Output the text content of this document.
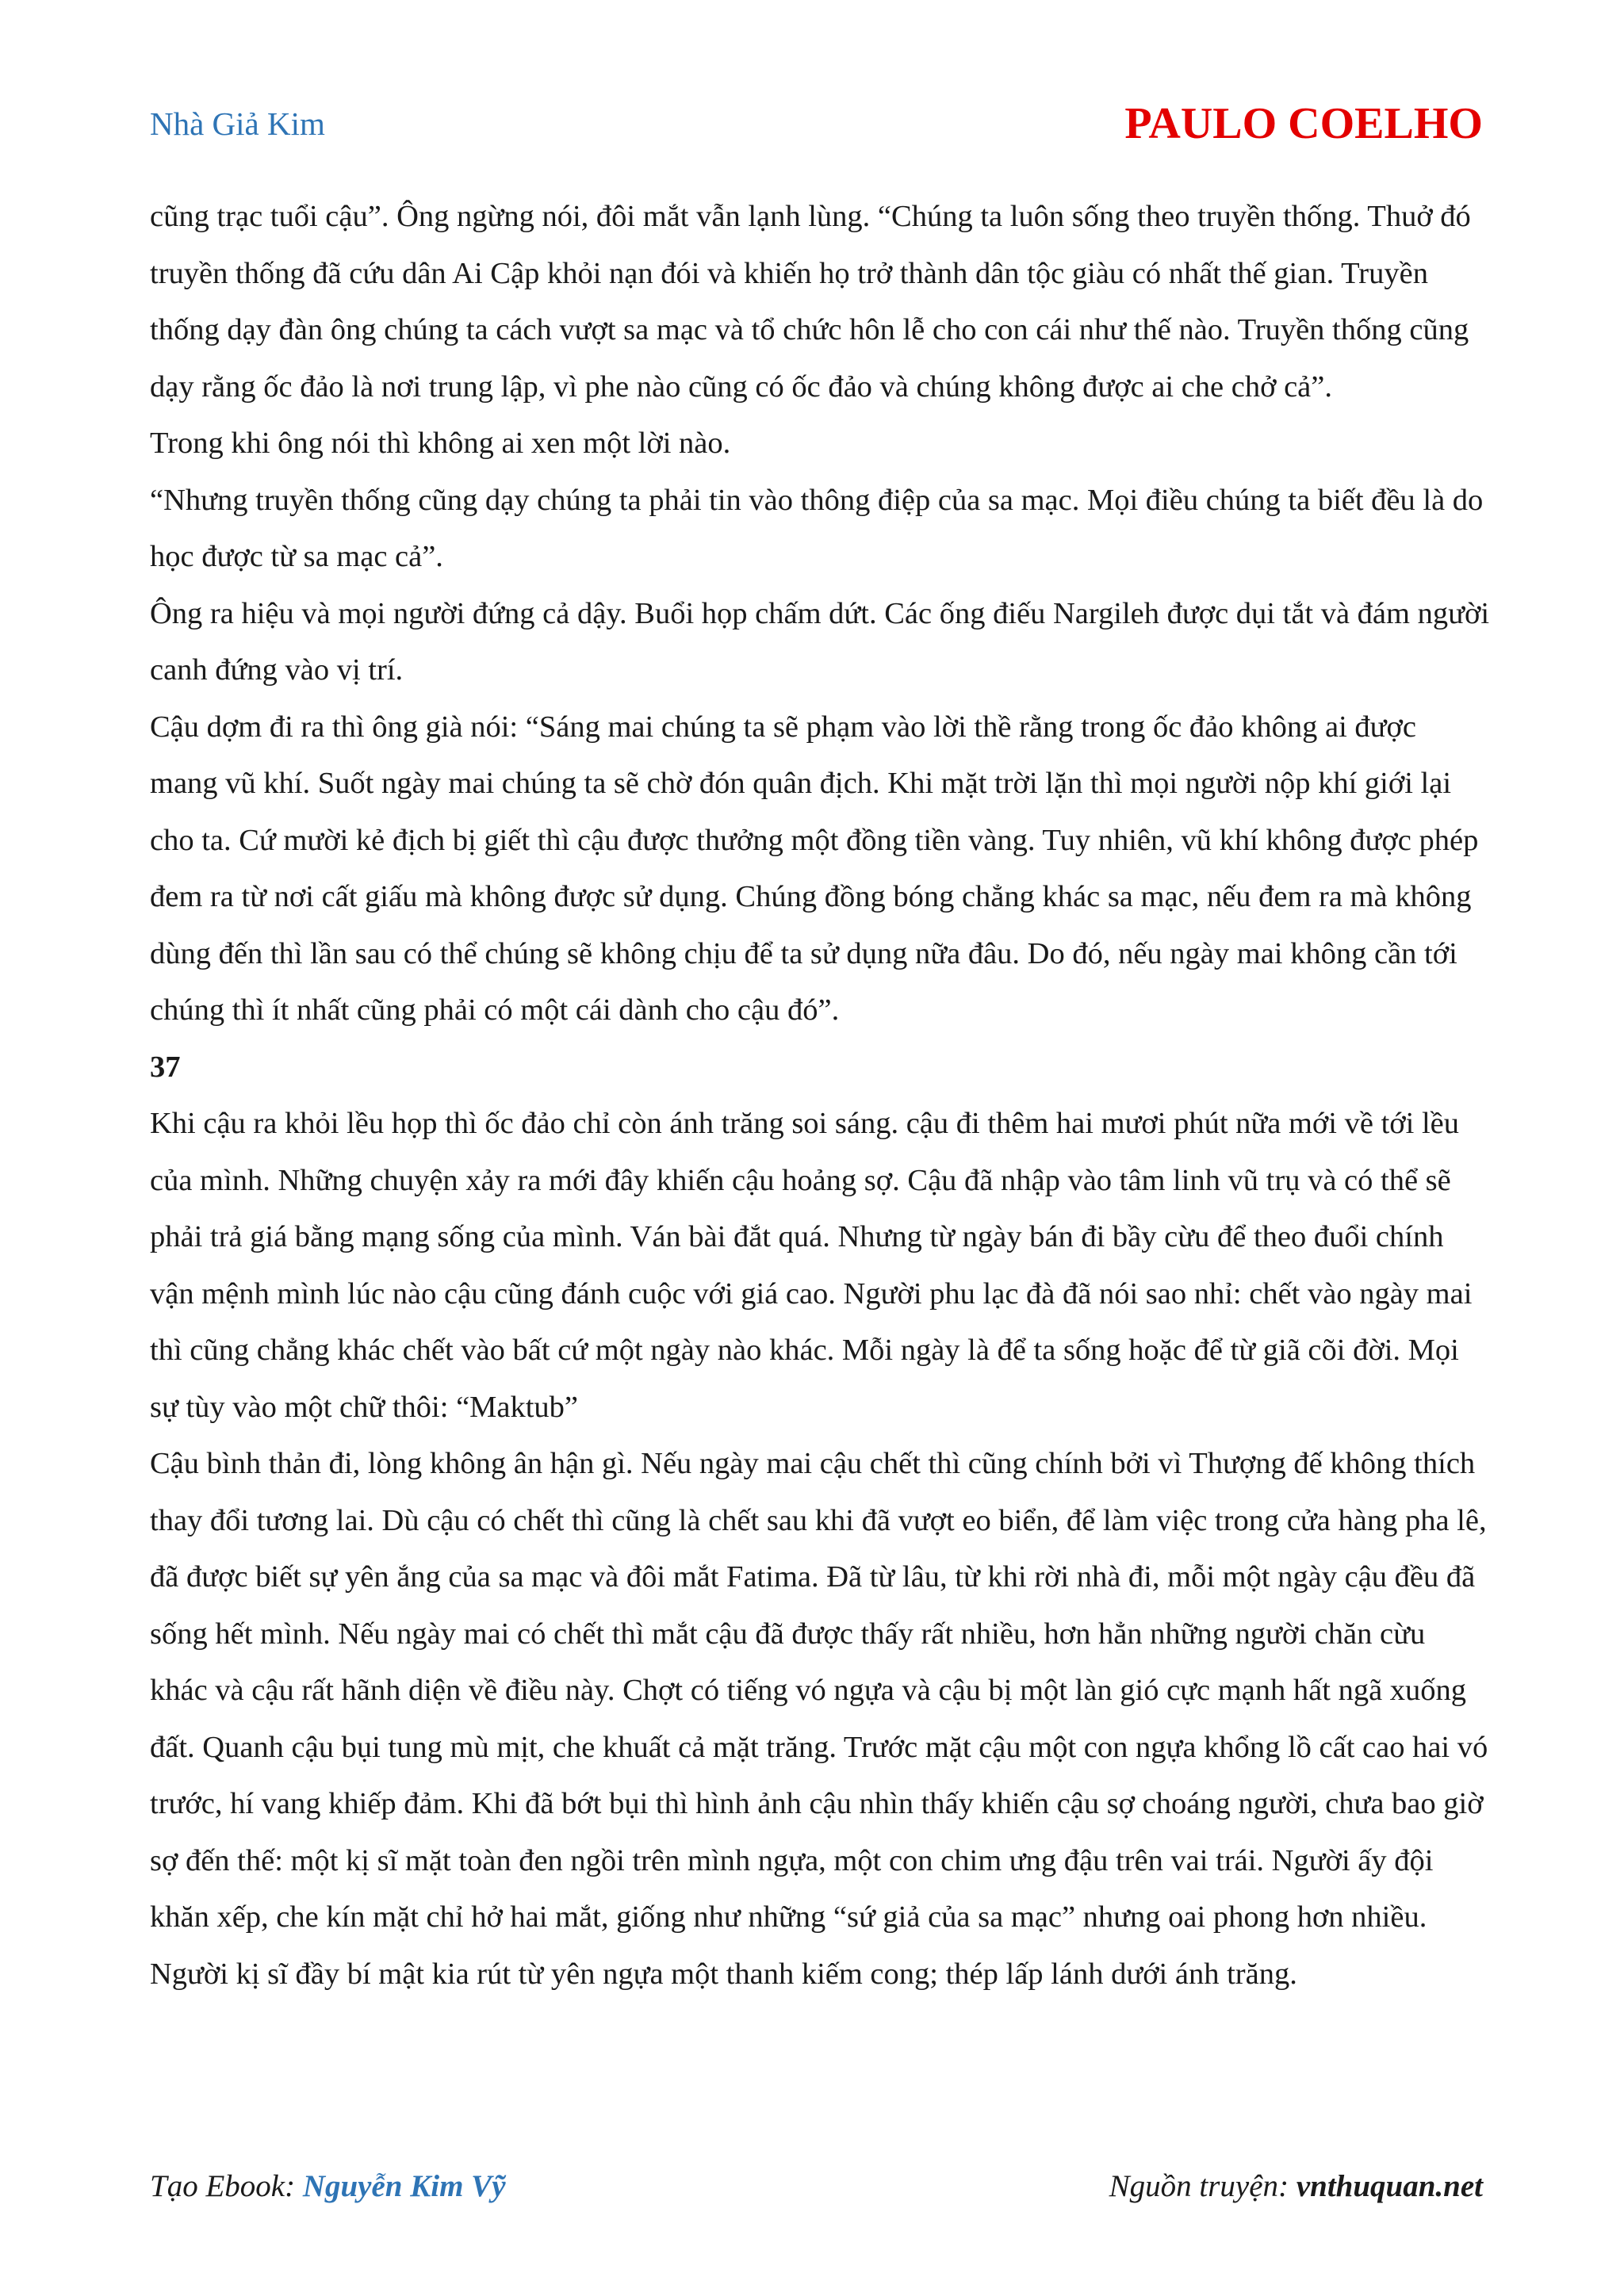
Nhà Giả Kim	PAULO COELHO

cũng trạc tuổi cậu”. Ông ngừng nói, đôi mắt vẫn lạnh lùng. “Chúng ta luôn sống theo truyền thống. Thuở đó truyền thống đã cứu dân Ai Cập khỏi nạn đói và khiến họ trở thành dân tộc giàu có nhất thế gian. Truyền thống dạy đàn ông chúng ta cách vượt sa mạc và tổ chức hôn lễ cho con cái như thế nào. Truyền thống cũng dạy rằng ốc đảo là nơi trung lập, vì phe nào cũng có ốc đảo và chúng không được ai che chở cả”.

Trong khi ông nói thì không ai xen một lời nào.

“Nhưng truyền thống cũng dạy chúng ta phải tin vào thông điệp của sa mạc. Mọi điều chúng ta biết đều là do học được từ sa mạc cả”.

Ông ra hiệu và mọi người đứng cả dậy. Buổi họp chấm dứt. Các ống điếu Nargileh được dụi tắt và đám người canh đứng vào vị trí.

Cậu dợm đi ra thì ông già nói: “Sáng mai chúng ta sẽ phạm vào lời thề rằng trong ốc đảo không ai được mang vũ khí. Suốt ngày mai chúng ta sẽ chờ đón quân địch. Khi mặt trời lặn thì mọi người nộp khí giới lại cho ta. Cứ mười kẻ địch bị giết thì cậu được thưởng một đồng tiền vàng. Tuy nhiên, vũ khí không được phép đem ra từ nơi cất giấu mà không được sử dụng. Chúng đồng bóng chẳng khác sa mạc, nếu đem ra mà không dùng đến thì lần sau có thể chúng sẽ không chịu để ta sử dụng nữa đâu. Do đó, nếu ngày mai không cần tới chúng thì ít nhất cũng phải có một cái dành cho cậu đó”.

37

Khi cậu ra khỏi lều họp thì ốc đảo chỉ còn ánh trăng soi sáng. cậu đi thêm hai mươi phút nữa mới về tới lều của mình. Những chuyện xảy ra mới đây khiến cậu hoảng sợ. Cậu đã nhập vào tâm linh vũ trụ và có thể sẽ phải trả giá bằng mạng sống của mình. Ván bài đắt quá. Nhưng từ ngày bán đi bầy cừu để theo đuổi chính vận mệnh mình lúc nào cậu cũng đánh cuộc với giá cao. Người phu lạc đà đã nói sao nhỉ: chết vào ngày mai thì cũng chẳng khác chết vào bất cứ một ngày nào khác. Mỗi ngày là để ta sống hoặc để từ giã cõi đời. Mọi sự tùy vào một chữ thôi: “Maktub”

Cậu bình thản đi, lòng không ân hận gì. Nếu ngày mai cậu chết thì cũng chính bởi vì Thượng đế không thích thay đổi tương lai. Dù cậu có chết thì cũng là chết sau khi đã vượt eo biển, để làm việc trong cửa hàng pha lê, đã được biết sự yên ắng của sa mạc và đôi mắt Fatima. Đã từ lâu, từ khi rời nhà đi, mỗi một ngày cậu đều đã sống hết mình. Nếu ngày mai có chết thì mắt cậu đã được thấy rất nhiều, hơn hẳn những người chăn cừu khác và cậu rất hãnh diện về điều này. Chợt có tiếng vó ngựa và cậu bị một làn gió cực mạnh hất ngã xuống đất. Quanh cậu bụi tung mù mịt, che khuất cả mặt trăng. Trước mặt cậu một con ngựa khổng lồ cất cao hai vó trước, hí vang khiếp đảm. Khi đã bớt bụi thì hình ảnh cậu nhìn thấy khiến cậu sợ choáng người, chưa bao giờ sợ đến thế: một kị sĩ mặt toàn đen ngồi trên mình ngựa, một con chim ưng đậu trên vai trái. Người ấy đội khăn xếp, che kín mặt chỉ hở hai mắt, giống như những “sứ giả của sa mạc” nhưng oai phong hơn nhiều. Người kị sĩ đầy bí mật kia rút từ yên ngựa một thanh kiếm cong; thép lấp lánh dưới ánh trăng.

Tạo Ebook: Nguyễn Kim Vỹ	Nguồn truyện: vnthuquan.net
